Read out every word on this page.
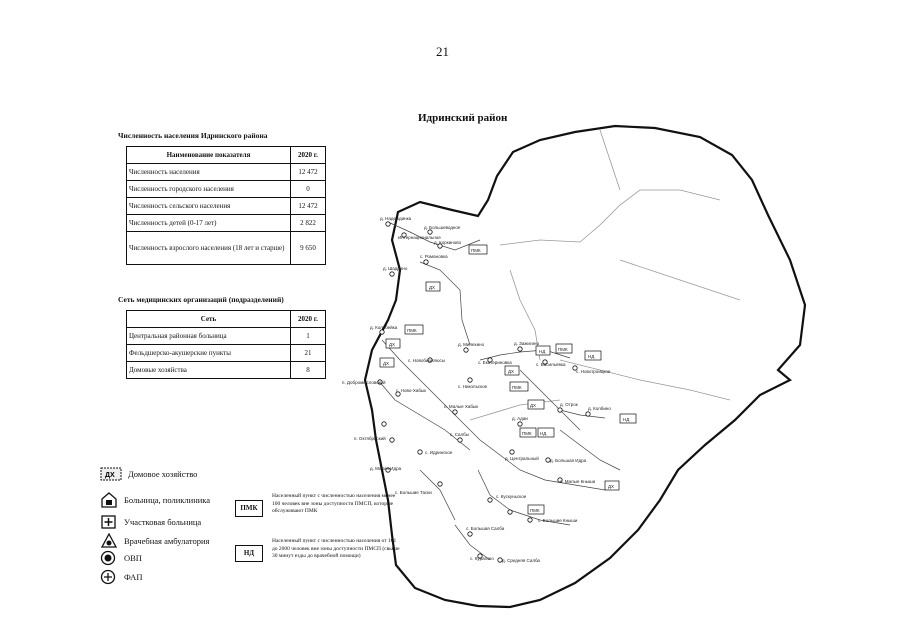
21
Идринский район
Численность населения Идринского района
Наименование показателя	2020 г.
Численность населения	12 472
Численность городского населения	0
Численность сельского населения	12 472
Численность детей (0-17 лет)	2 822
Численность взрослого населения (18 лет и старше)	9 650
Сеть медицинских организаций (подразделений)
Сеть	2020 г.
Центральная районная больница	1
Фельдшерско-акушерские пункты	21
Домовые хозяйства	8
д. Надеждинка
д. Большеводное
Интернациональное
д. Коркиново
с. Романовка
д. Шадрино
д. Кольбейка
д. Милехино	д. Зажигино
с. Новобирилюсы	с. Екатериновка	с. Васильевка
с. Новотроицкое
с. Никольское
п. Добромысловский
п. Малые Хабык
с. Ново-Хабык
п. Октябрьский
с. Салбы
с. Идринское
д. Малая Идра
д. Центральный
с. Большие Таски
с. Кускуньское
с. Малые Кныши
с. Большая Салба
с. Курагино д. Средняя Салба
д. Адаи
д. Отрок
д. Колбино
с. Большие Кныши
д. Большая Идра
ПМК
ДХ
ПМК
ДХ
НД	ПМК
НД
ДХ
ПМК
ДХ
ПМК НД
НД
ДХ
ПМК
ДХ
ДХ Домовое хозяйство
Больница, поликлиника
Участковая больница
Врачебная амбулатория
ОВП
ФАП
ПМК
Населенный пункт с численностью населения менее 100 человек вне зоны доступности ПМСП, которые обслуживают ПМК
НД
Населенный пункт с численностью населения от 101 до 2000 человек вне зоны доступности ПМСП (свыше 30 минут езды до врачебной помощи)
